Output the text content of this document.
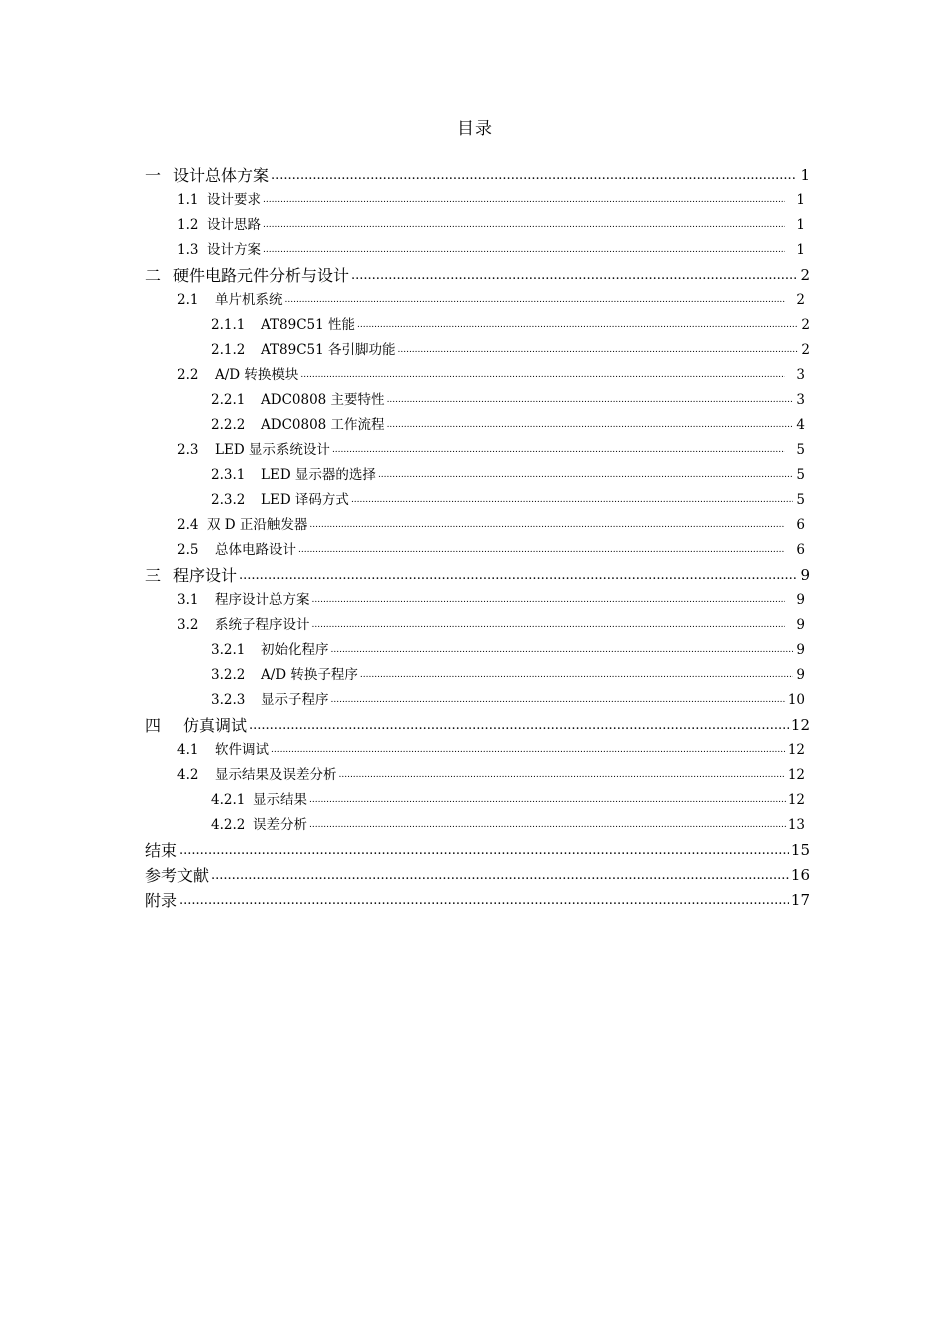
目录
一 设计总体方案 .....	1
1.1 设计要求 .....	1
1.2 设计思路 .....	1
1.3 设计方案 .....	1
二 硬件电路元件分析与设计 .....	2
2.1	单片机系统 .....	2
2.1.1	AT89C51 性能 .....	2
2.1.2	AT89C51 各引脚功能 .....	2
2.2	A/D 转换模块 .....	3
2.2.1	ADC0808 主要特性 .....	3
2.2.2	ADC0808 工作流程 .....	4
2.3	LED 显示系统设计 .....	5
2.3.1	LED 显示器的选择 .....	5
2.3.2	LED 译码方式 .....	5
2.4 双 D 正沿触发器 .....	6
2.5	总体电路设计 .....	6
三 程序设计 .....	9
3.1	程序设计总方案 .....	9
3.2	系统子程序设计 .....	9
3.2.1	初始化程序 .....	9
3.2.2	A/D 转换子程序 .....	9
3.2.3	显示子程序 .....	10
四	仿真调试 .....	12
4.1	软件调试 .....	12
4.2	显示结果及误差分析 .....	12
4.2.1 显示结果 .....	12
4.2.2 误差分析 .....	13
结束 .....	15
参考文献 .....	16
附录 .....	17
